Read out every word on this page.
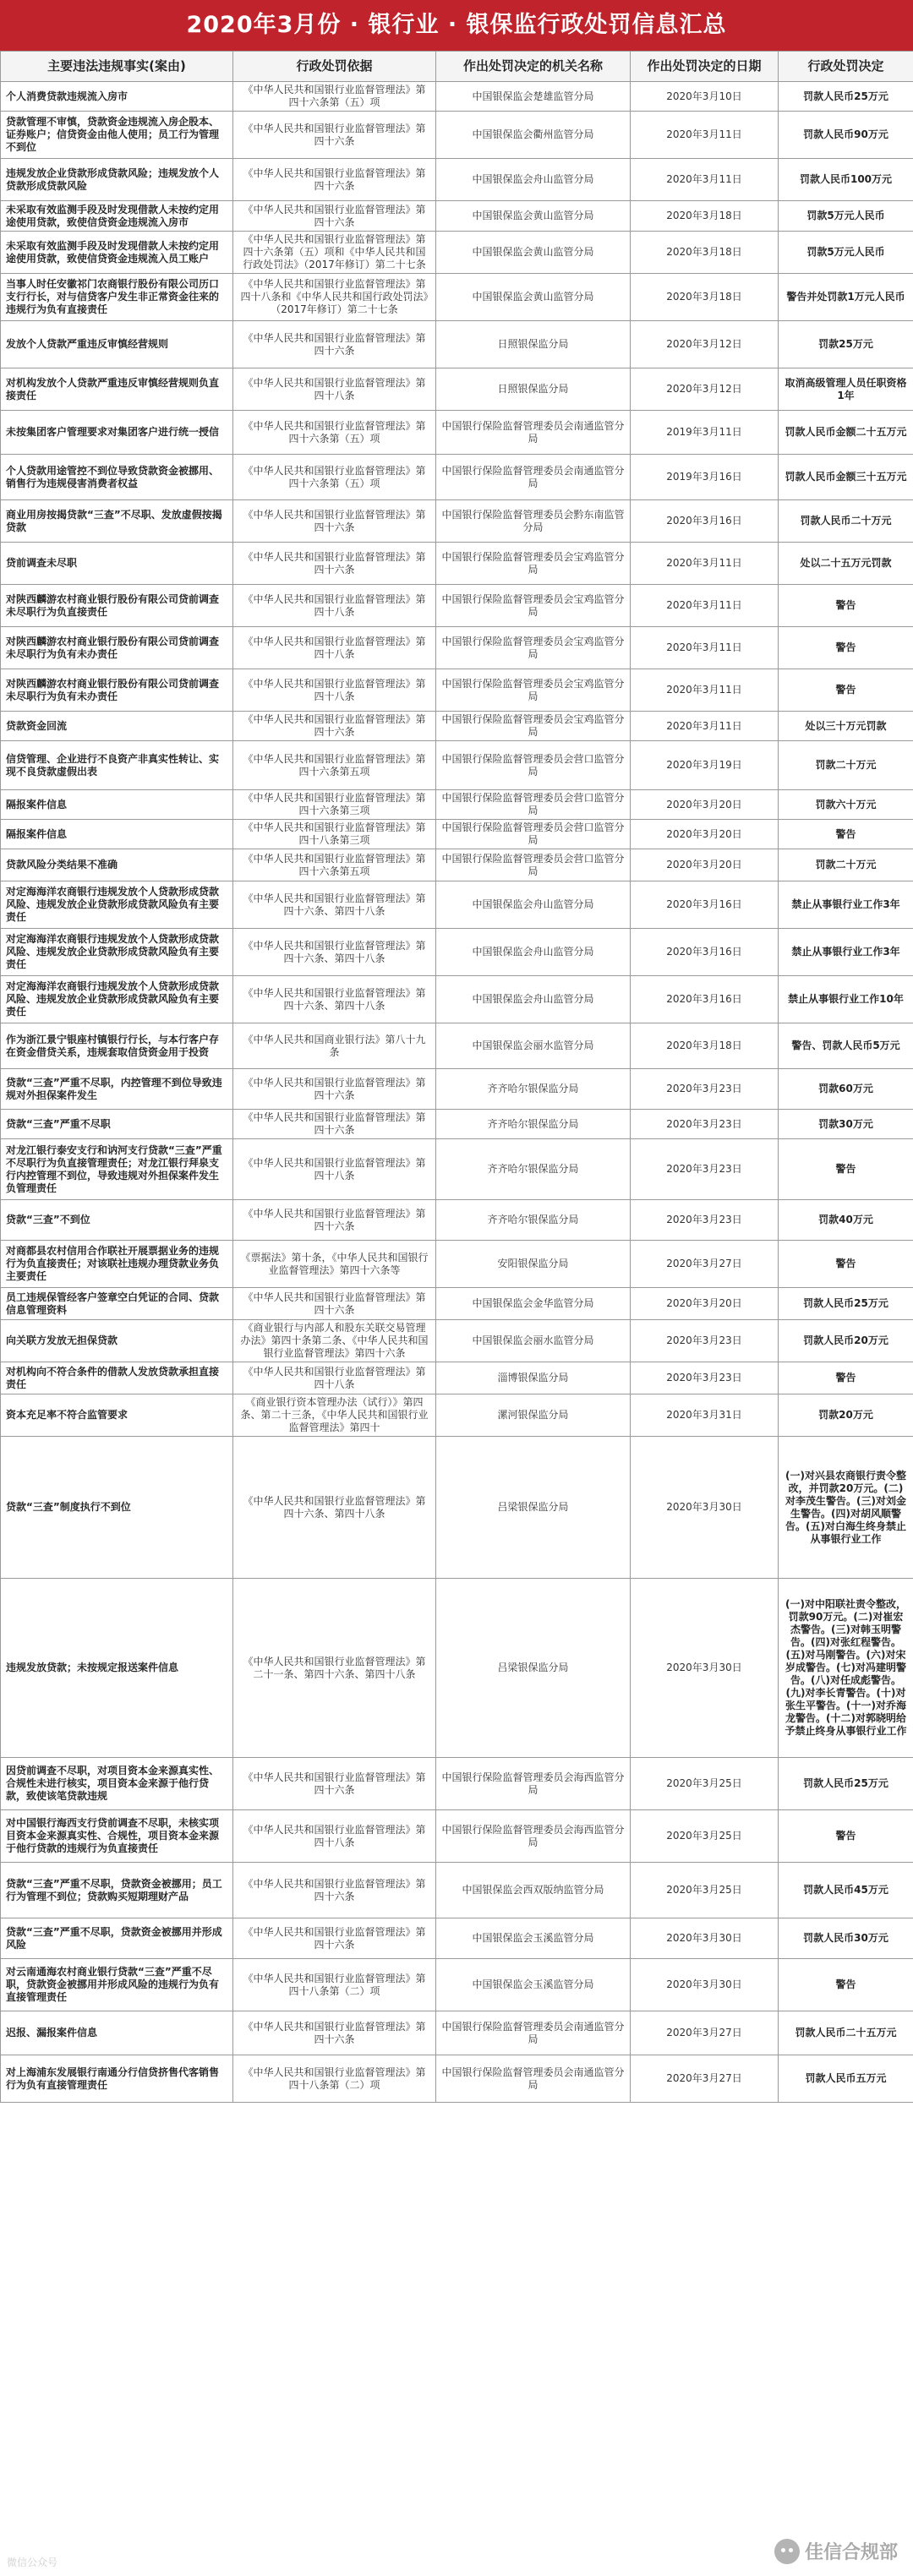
2020年3月份 · 银行业 · 银保监行政处罚信息汇总
主要违法违规事实(案由)	行政处罚依据	作出处罚决定的机关名称	作出处罚决定的日期	行政处罚决定
个人消费贷款违规流入房市	《中华人民共和国银行业监督管理法》第四十六条第（五）项	中国银保监会楚雄监管分局	2020年3月10日	罚款人民币25万元
贷款管理不审慎，贷款资金违规流入房企股本、证券账户；信贷资金由他人使用；员工行为管理不到位	《中华人民共和国银行业监督管理法》第四十六条	中国银保监会衢州监管分局	2020年3月11日	罚款人民币90万元
违规发放企业贷款形成贷款风险；违规发放个人贷款形成贷款风险	《中华人民共和国银行业监督管理法》第四十六条	中国银保监会舟山监管分局	2020年3月11日	罚款人民币100万元
未采取有效监测手段及时发现借款人未按约定用途使用贷款，致使信贷资金违规流入房市	《中华人民共和国银行业监督管理法》第四十六条	中国银保监会黄山监管分局	2020年3月18日	罚款5万元人民币
未采取有效监测手段及时发现借款人未按约定用途使用贷款，致使信贷资金违规流入员工账户	《中华人民共和国银行业监督管理法》第四十六条第（五）项和《中华人民共和国行政处罚法》（2017年修订）第二十七条	中国银保监会黄山监管分局	2020年3月18日	罚款5万元人民币
当事人时任安徽祁门农商银行股份有限公司历口支行行长，对与信贷客户发生非正常资金往来的违规行为负有直接责任	《中华人民共和国银行业监督管理法》第四十八条和《中华人民共和国行政处罚法》（2017年修订）第二十七条	中国银保监会黄山监管分局	2020年3月18日	警告并处罚款1万元人民币
发放个人贷款严重违反审慎经营规则	《中华人民共和国银行业监督管理法》第四十六条	日照银保监分局	2020年3月12日	罚款25万元
对机构发放个人贷款严重违反审慎经营规则负直接责任	《中华人民共和国银行业监督管理法》第四十八条	日照银保监分局	2020年3月12日	取消高级管理人员任职资格1年
未按集团客户管理要求对集团客户进行统一授信	《中华人民共和国银行业监督管理法》第四十六条第（五）项	中国银行保险监督管理委员会南通监管分局	2019年3月11日	罚款人民币金额二十五万元
个人贷款用途管控不到位导致贷款资金被挪用、销售行为违规侵害消费者权益	《中华人民共和国银行业监督管理法》第四十六条第（五）项	中国银行保险监督管理委员会南通监管分局	2019年3月16日	罚款人民币金额三十五万元
商业用房按揭贷款“三查”不尽职、发放虚假按揭贷款	《中华人民共和国银行业监督管理法》第四十六条	中国银行保险监督管理委员会黔东南监管分局	2020年3月16日	罚款人民币二十万元
贷前调查未尽职	《中华人民共和国银行业监督管理法》第四十六条	中国银行保险监督管理委员会宝鸡监管分局	2020年3月11日	处以二十五万元罚款
对陕西麟游农村商业银行股份有限公司贷前调查未尽职行为负直接责任	《中华人民共和国银行业监督管理法》第四十八条	中国银行保险监督管理委员会宝鸡监管分局	2020年3月11日	警告
对陕西麟游农村商业银行股份有限公司贷前调查未尽职行为负有未办责任	《中华人民共和国银行业监督管理法》第四十八条	中国银行保险监督管理委员会宝鸡监管分局	2020年3月11日	警告
对陕西麟游农村商业银行股份有限公司贷前调查未尽职行为负有未办责任	《中华人民共和国银行业监督管理法》第四十八条	中国银行保险监督管理委员会宝鸡监管分局	2020年3月11日	警告
贷款资金回流	《中华人民共和国银行业监督管理法》第四十六条	中国银行保险监督管理委员会宝鸡监管分局	2020年3月11日	处以三十万元罚款
信贷管理、企业进行不良资产非真实性转让、实现不良贷款虚假出表	《中华人民共和国银行业监督管理法》第四十六条第五项	中国银行保险监督管理委员会营口监管分局	2020年3月19日	罚款二十万元
隔报案件信息	《中华人民共和国银行业监督管理法》第四十六条第三项	中国银行保险监督管理委员会营口监管分局	2020年3月20日	罚款六十万元
隔报案件信息	《中华人民共和国银行业监督管理法》第四十八条第三项	中国银行保险监督管理委员会营口监管分局	2020年3月20日	警告
贷款风险分类结果不准确	《中华人民共和国银行业监督管理法》第四十六条第五项	中国银行保险监督管理委员会营口监管分局	2020年3月20日	罚款二十万元
对定海海洋农商银行违规发放个人贷款形成贷款风险、违规发放企业贷款形成贷款风险负有主要责任	《中华人民共和国银行业监督管理法》第四十六条、第四十八条	中国银保监会舟山监管分局	2020年3月16日	禁止从事银行业工作3年
对定海海洋农商银行违规发放个人贷款形成贷款风险、违规发放企业贷款形成贷款风险负有主要责任	《中华人民共和国银行业监督管理法》第四十六条、第四十八条	中国银保监会舟山监管分局	2020年3月16日	禁止从事银行业工作3年
对定海海洋农商银行违规发放个人贷款形成贷款风险、违规发放企业贷款形成贷款风险负有主要责任	《中华人民共和国银行业监督管理法》第四十六条、第四十八条	中国银保监会舟山监管分局	2020年3月16日	禁止从事银行业工作10年
作为浙江景宁银座村镇银行行长，与本行客户存在资金借贷关系，违规套取信贷资金用于投资	《中华人民共和国商业银行法》第八十九条	中国银保监会丽水监管分局	2020年3月18日	警告、罚款人民币5万元
贷款“三查”严重不尽职，内控管理不到位导致违规对外担保案件发生	《中华人民共和国银行业监督管理法》第四十六条	齐齐哈尔银保监分局	2020年3月23日	罚款60万元
贷款“三查”严重不尽职	《中华人民共和国银行业监督管理法》第四十六条	齐齐哈尔银保监分局	2020年3月23日	罚款30万元
对龙江银行泰安支行和讷河支行贷款“三查”严重不尽职行为负直接管理责任；对龙江银行拜泉支行内控管理不到位，导致违规对外担保案件发生负管理责任	《中华人民共和国银行业监督管理法》第四十八条	齐齐哈尔银保监分局	2020年3月23日	警告
贷款“三查”不到位	《中华人民共和国银行业监督管理法》第四十六条	齐齐哈尔银保监分局	2020年3月23日	罚款40万元
对商都县农村信用合作联社开展票据业务的违规行为负直接责任；对该联社违规办理贷款业务负主要责任	《票据法》第十条，《中华人民共和国银行业监督管理法》第四十六条等	安阳银保监分局	2020年3月27日	警告
员工违规保管经客户签章空白凭证的合同、贷款信息管理资料	《中华人民共和国银行业监督管理法》第四十六条	中国银保监会金华监管分局	2020年3月20日	罚款人民币25万元
向关联方发放无担保贷款	《商业银行与内部人和股东关联交易管理办法》第四十条第二条、《中华人民共和国银行业监督管理法》第四十六条	中国银保监会丽水监管分局	2020年3月23日	罚款人民币20万元
对机构向不符合条件的借款人发放贷款承担直接责任	《中华人民共和国银行业监督管理法》第四十八条	淄博银保监分局	2020年3月23日	警告
资本充足率不符合监管要求	《商业银行资本管理办法（试行）》第四条、第二十三条，《中华人民共和国银行业监督管理法》第四十	漯河银保监分局	2020年3月31日	罚款20万元
贷款“三查”制度执行不到位	《中华人民共和国银行业监督管理法》第四十六条、第四十八条	吕梁银保监分局	2020年3月30日	(一)对兴县农商银行责令整改，并罚款20万元。(二)对李茂生警告。(三)对刘金生警告。(四)对胡风顺警告。(五)对白海生终身禁止从事银行业工作
违规发放贷款；未按规定报送案件信息	《中华人民共和国银行业监督管理法》第二十一条、第四十六条、第四十八条	吕梁银保监分局	2020年3月30日	(一)对中阳联社责令整改，罚款90万元。(二)对崔宏杰警告。(三)对韩玉明警告。(四)对张红程警告。(五)对马刚警告。(六)对宋岁成警告。(七)对冯建明警告。(八)对任成彪警告。(九)对李长青警告。(十)对张生平警告。(十一)对乔海龙警告。(十二)对郭晓明给予禁止终身从事银行业工作
因贷前调查不尽职，对项目资本金来源真实性、合规性未进行核实，项目资本金来源于他行贷款，致使该笔贷款违规	《中华人民共和国银行业监督管理法》第四十六条	中国银行保险监督管理委员会海西监管分局	2020年3月25日	罚款人民币25万元
对中国银行海西支行贷前调查不尽职，未核实项目资本金来源真实性、合规性，项目资本金来源于他行贷款的违规行为负直接责任	《中华人民共和国银行业监督管理法》第四十八条	中国银行保险监督管理委员会海西监管分局	2020年3月25日	警告
贷款“三查”严重不尽职，贷款资金被挪用；员工行为管理不到位；贷款购买短期理财产品	《中华人民共和国银行业监督管理法》第四十六条	中国银保监会西双版纳监管分局	2020年3月25日	罚款人民币45万元
贷款“三查”严重不尽职，贷款资金被挪用并形成风险	《中华人民共和国银行业监督管理法》第四十六条	中国银保监会玉溪监管分局	2020年3月30日	罚款人民币30万元
对云南通海农村商业银行贷款“三查”严重不尽职，贷款资金被挪用并形成风险的违规行为负有直接管理责任	《中华人民共和国银行业监督管理法》第四十八条第（二）项	中国银保监会玉溪监管分局	2020年3月30日	警告
迟报、漏报案件信息	《中华人民共和国银行业监督管理法》第四十六条	中国银行保险监督管理委员会南通监管分局	2020年3月27日	罚款人民币二十五万元
对上海浦东发展银行南通分行信贷挤售代客销售行为负有直接管理责任	《中华人民共和国银行业监督管理法》第四十八条第（二）项	中国银行保险监督管理委员会南通监管分局	2020年3月27日	罚款人民币五万元
微信公众号	佳信合规部
